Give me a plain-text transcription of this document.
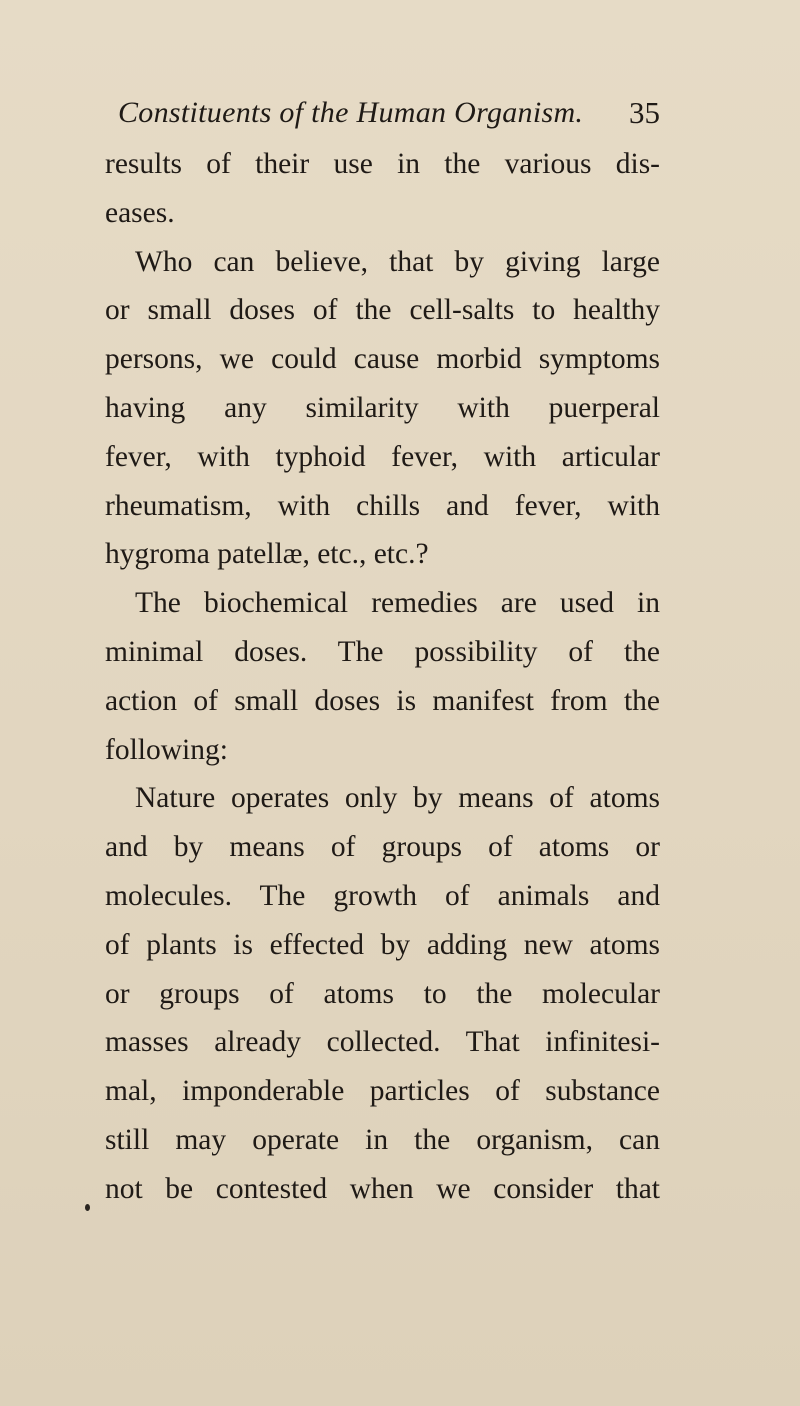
Constituents of the Human Organism. 35
results of their use in the various dis-
eases.
Who can believe, that by giving large
or small doses of the cell-salts to healthy
persons, we could cause morbid symptoms
having any similarity with puerperal
fever, with typhoid fever, with articular
rheumatism, with chills and fever, with
hygroma patellæ, etc., etc.?
The biochemical remedies are used in
minimal doses. The possibility of the
action of small doses is manifest from the
following:
Nature operates only by means of atoms
and by means of groups of atoms or
molecules. The growth of animals and
of plants is effected by adding new atoms
or groups of atoms to the molecular
masses already collected. That infinitesi-
mal, imponderable particles of substance
still may operate in the organism, can
not be contested when we consider that
